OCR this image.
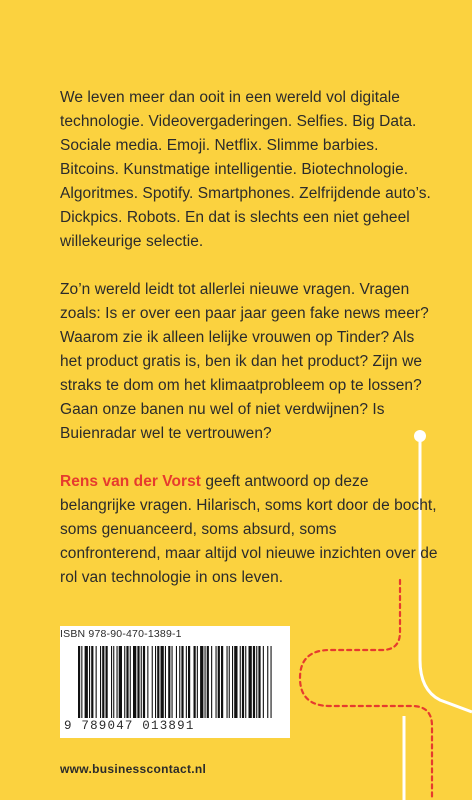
We leven meer dan ooit in een wereld vol digitale technologie. Videovergaderingen. Selfies. Big Data. Sociale media. Emoji. Netflix. Slimme barbies. Bitcoins. Kunstmatige intelligentie. Biotechnologie. Algoritmes. Spotify. Smartphones. Zelfrijdende auto’s. Dickpics. Robots. En dat is slechts een niet geheel willekeurige selectie.

Zo’n wereld leidt tot allerlei nieuwe vragen. Vragen zoals: Is er over een paar jaar geen fake news meer? Waarom zie ik alleen lelijke vrouwen op Tinder? Als het product gratis is, ben ik dan het product? Zijn we straks te dom om het klimaatprobleem op te lossen? Gaan onze banen nu wel of niet verdwijnen? Is Buienradar wel te vertrouwen?

Rens van der Vorst geeft antwoord op deze belangrijke vragen. Hilarisch, soms kort door de bocht, soms genuanceerd, soms absurd, soms confronterend, maar altijd vol nieuwe inzichten over de rol van technologie in ons leven.

ISBN 978-90-470-1389-1
9 789047 013891
www.businesscontact.nl
